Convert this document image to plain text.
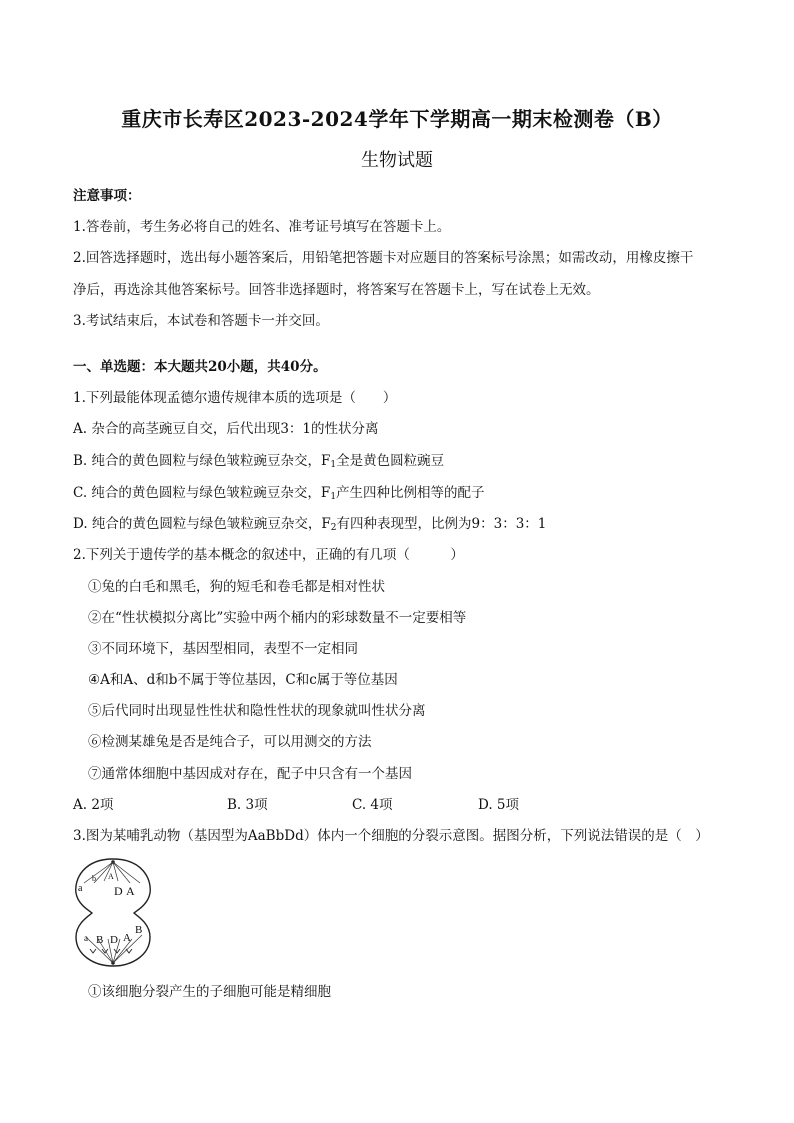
重庆市长寿区2023-2024学年下学期高一期末检测卷（B）
生物试题
注意事项：
1.答卷前，考生务必将自己的姓名、准考证号填写在答题卡上。
2.回答选择题时，选出每小题答案后，用铅笔把答题卡对应题目的答案标号涂黑；如需改动，用橡皮擦干
净后，再选涂其他答案标号。回答非选择题时，将答案写在答题卡上，写在试卷上无效。
3.考试结束后，本试卷和答题卡一并交回。
一、单选题：本大题共20小题，共40分。
1.下列最能体现孟德尔遗传规律本质的选项是（　　）
A. 杂合的高茎豌豆自交，后代出现3：1的性状分离
B. 纯合的黄色圆粒与绿色皱粒豌豆杂交，$F_1$全是黄色圆粒豌豆
C. 纯合的黄色圆粒与绿色皱粒豌豆杂交，$F_1$产生四种比例相等的配子
D. 纯合的黄色圆粒与绿色皱粒豌豆杂交，$F_2$有四种表现型，比例为9：3：3：1
2.下列关于遗传学的基本概念的叙述中，正确的有几项（　　　）
①兔的白毛和黑毛，狗的短毛和卷毛都是相对性状
②在“性状模拟分离比”实验中两个桶内的彩球数量不一定要相等
③不同环境下，基因型相同，表型不一定相同
④A和A、d和b不属于等位基因，C和c属于等位基因
⑤后代同时出现显性性状和隐性性状的现象就叫性状分离
⑥检测某雄兔是否是纯合子，可以用测交的方法
⑦通常体细胞中基因成对存在，配子中只含有一个基因
A. 2项	B. 3项	C. 4项	D. 5项
3.图为某哺乳动物（基因型为AaBbDd）体内一个细胞的分裂示意图。据图分析，下列说法错误的是（　）
a
b A
D A
a B D A
B
①该细胞分裂产生的子细胞可能是精细胞
